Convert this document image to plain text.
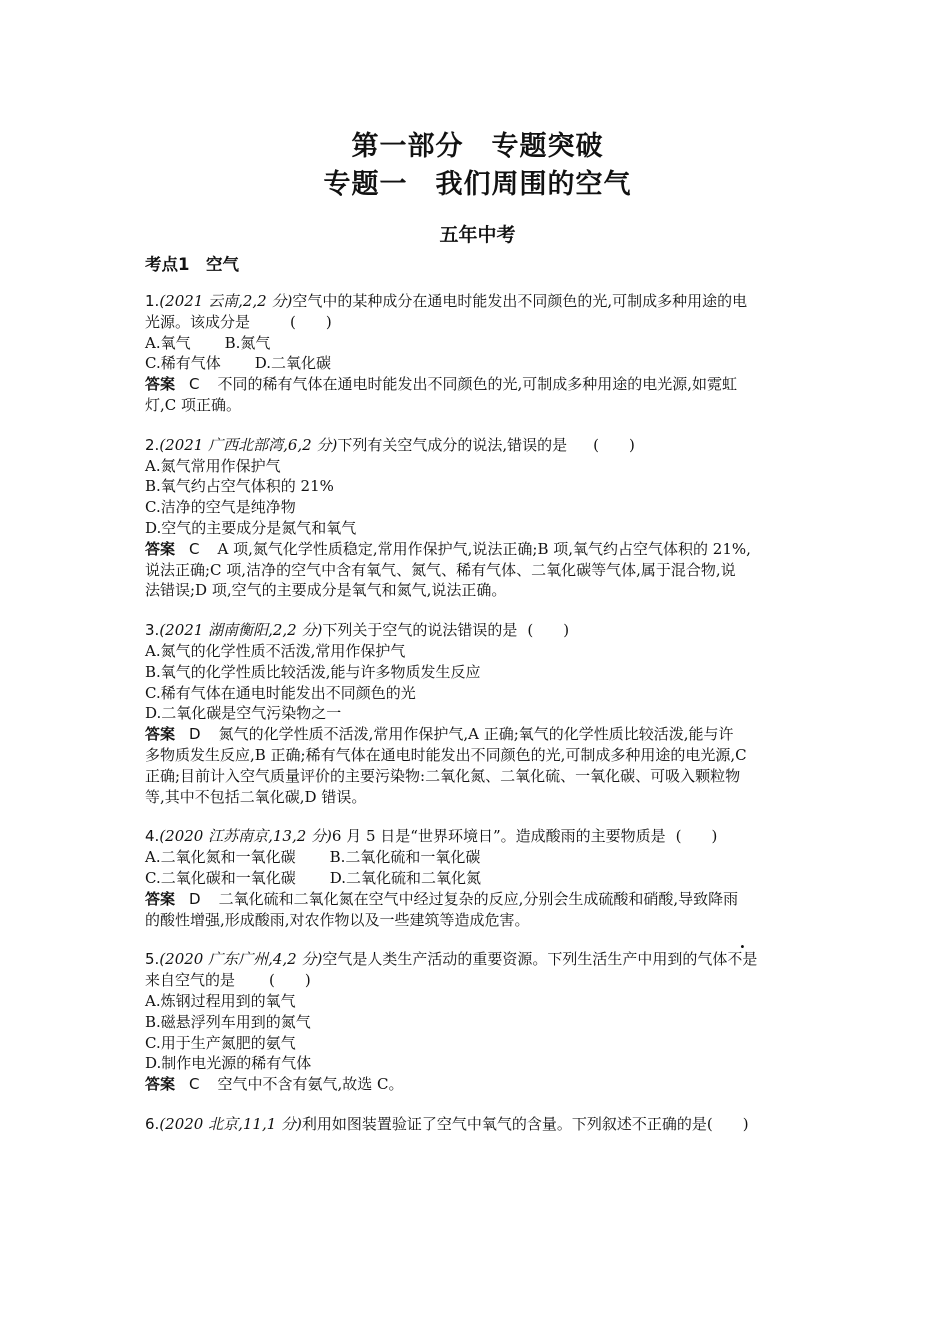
第一部分　专题突破
专题一　我们周围的空气
五年中考
考点1　空气
1.(2021 云南,2,2 分)空气中的某种成分在通电时能发出不同颜色的光,可制成多种用途的电
光源。该成分是	(　　)
A.氧气 B.氮气
C.稀有气体 D.二氧化碳
答案 C 不同的稀有气体在通电时能发出不同颜色的光,可制成多种用途的电光源,如霓虹
灯,C 项正确。
2.(2021 广西北部湾,6,2 分)下列有关空气成分的说法,错误的是 (　　)
A.氮气常用作保护气
B.氧气约占空气体积的 21%
C.洁净的空气是纯净物
D.空气的主要成分是氮气和氧气
答案 C A 项,氮气化学性质稳定,常用作保护气,说法正确;B 项,氧气约占空气体积的 21%,
说法正确;C 项,洁净的空气中含有氧气、氮气、稀有气体、二氧化碳等气体,属于混合物,说
法错误;D 项,空气的主要成分是氧气和氮气,说法正确。
3.(2021 湖南衡阳,2,2 分)下列关于空气的说法错误的是 (　　)
A.氮气的化学性质不活泼,常用作保护气
B.氧气的化学性质比较活泼,能与许多物质发生反应
C.稀有气体在通电时能发出不同颜色的光
D.二氧化碳是空气污染物之一
答案 D 氮气的化学性质不活泼,常用作保护气,A 正确;氧气的化学性质比较活泼,能与许
多物质发生反应,B 正确;稀有气体在通电时能发出不同颜色的光,可制成多种用途的电光源,C
正确;目前计入空气质量评价的主要污染物:二氧化氮、二氧化硫、一氧化碳、可吸入颗粒物
等,其中不包括二氧化碳,D 错误。
4.(2020 江苏南京,13,2 分)6 月 5 日是“世界环境日”。造成酸雨的主要物质是 (　　)
A.二氧化氮和一氧化碳 B.二氧化硫和一氧化碳
C.二氧化碳和一氧化碳 D.二氧化硫和二氧化氮
答案 D 二氧化硫和二氧化氮在空气中经过复杂的反应,分别会生成硫酸和硝酸,导致降雨
的酸性增强,形成酸雨,对农作物以及一些建筑等造成危害。
5.(2020 广东广州,4,2 分)空气是人类生产活动的重要资源。下列生活生产中用到的气体不是
来自空气的是 (　　)
A.炼钢过程用到的氧气
B.磁悬浮列车用到的氮气
C.用于生产氮肥的氨气
D.制作电光源的稀有气体
答案 C 空气中不含有氨气,故选 C。
6.(2020 北京,11,1 分)利用如图装置验证了空气中氧气的含量。下列叙述不正确的是(　　)
